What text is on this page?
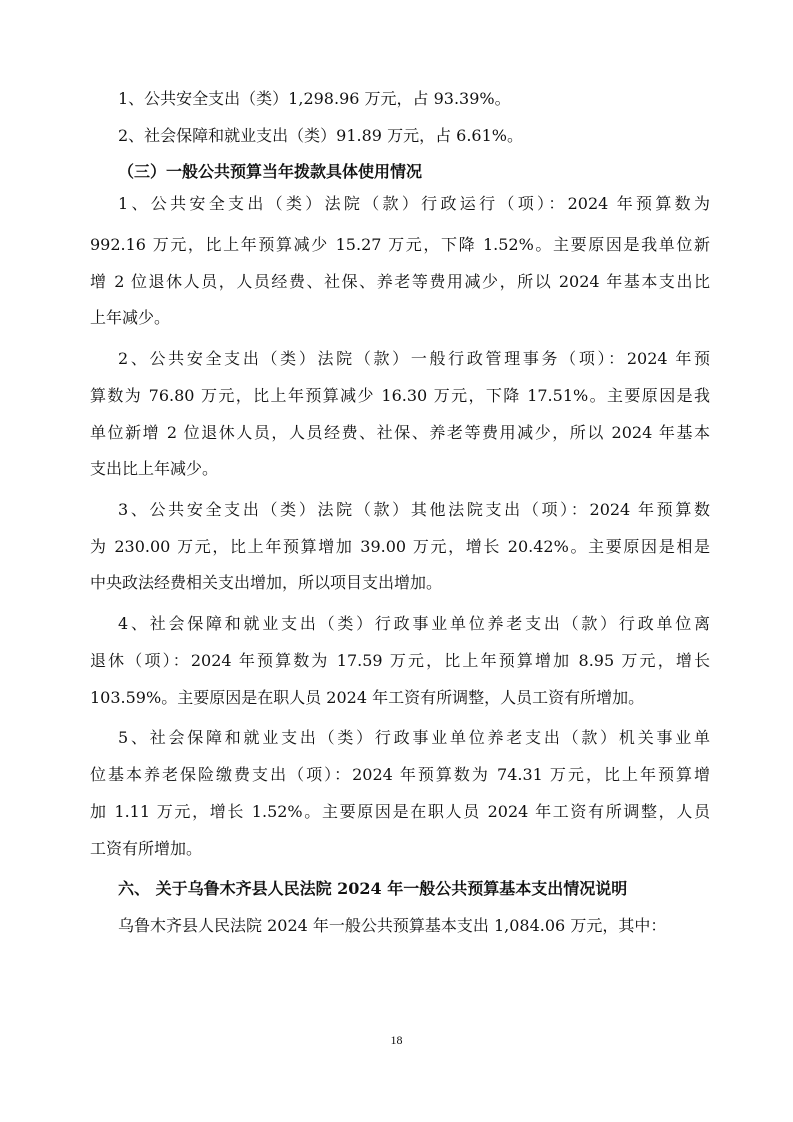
1、公共安全支出（类）1,298.96 万元，占 93.39%。
2、社会保障和就业支出（类）91.89 万元，占 6.61%。
（三）一般公共预算当年拨款具体使用情况
1、公共安全支出（类）法院（款）行政运行（项）：2024 年预算数为
992.16 万元，比上年预算减少 15.27 万元，下降 1.52%。主要原因是我单位新
增 2 位退休人员，人员经费、社保、养老等费用减少，所以 2024 年基本支出比
上年减少。
2、公共安全支出（类）法院（款）一般行政管理事务（项）：2024 年预
算数为 76.80 万元，比上年预算减少 16.30 万元，下降 17.51%。主要原因是我
单位新增 2 位退休人员，人员经费、社保、养老等费用减少，所以 2024 年基本
支出比上年减少。
3、公共安全支出（类）法院（款）其他法院支出（项）：2024 年预算数
为 230.00 万元，比上年预算增加 39.00 万元，增长 20.42%。主要原因是相是
中央政法经费相关支出增加，所以项目支出增加。
4、社会保障和就业支出（类）行政事业单位养老支出（款）行政单位离
退休（项）：2024 年预算数为 17.59 万元，比上年预算增加 8.95 万元，增长
103.59%。主要原因是在职人员 2024 年工资有所调整，人员工资有所增加。
5、社会保障和就业支出（类）行政事业单位养老支出（款）机关事业单
位基本养老保险缴费支出（项）：2024 年预算数为 74.31 万元，比上年预算增
加 1.11 万元，增长 1.52%。主要原因是在职人员 2024 年工资有所调整，人员
工资有所增加。
六、 关于乌鲁木齐县人民法院 2024 年一般公共预算基本支出情况说明
乌鲁木齐县人民法院 2024 年一般公共预算基本支出 1,084.06 万元，其中：
18
